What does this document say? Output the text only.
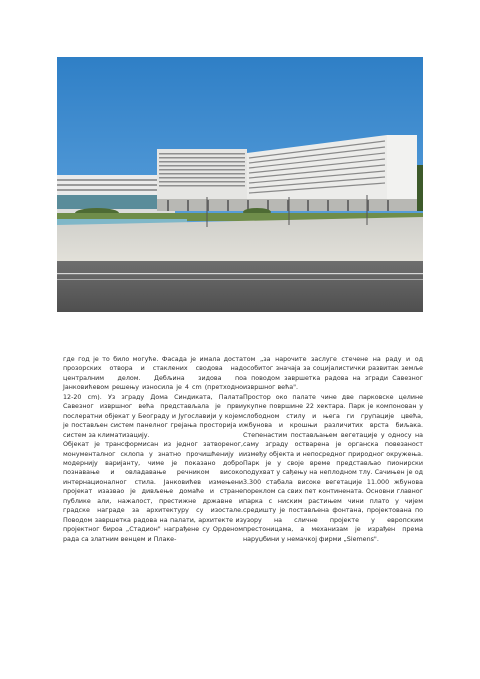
где год је то било могуће. Фасада је имала доста прозорских отвора и стаклених сводова над централним делом. Дебљина зидова по Јанковићевом решењу износила је 4 cm (претходно 12-20 cm). Уз зграду Дома Синдиката, Палата Савезног извршног већа представљала је први послератни објекат у Београду и Југославији у којем је постављен систем панелног грејања просторија и систем за климатизацију.

Објекат је трансформисан из једног затвореног, монументалног склопа у знатно прочишћенију и модернију варијанту, чиме је показано добро познавање и овладавање речником високо интернационалног стила. Јанковићев измењени пројекат изазвао је дивљење домаће и стране публике али, нажалост, престижне државне и градске награде за архитектуру су изостале. Поводом завршетка радова на палати, архитекте из пројектног бироа „Стадион" награђене су Орденом рада са златним венцем и Плаке-

том „за нарочите заслуге стечене на раду и од особитог значаја за социјалистички развитак земље а поводом завршетка радова на згради Савезног извршног већа".

Простор око палате чине две парковске целине укупне површине 22 хектара. Парк је компонован у слободном стилу и њега ги групације цвећа, жбунова и крошњи различитих врста биљака. Степенастим постављањем вегетације у односу на саму зграду остварена је органска повезаност између објекта и непосредног природног окружења. Парк је у своје време представљао пионирски подухват у сађењу на неплодном тлу. Сачињен је од 3.300 стабала високе вегетације 11.000 жбунова пореклом са свих пет континената. Основни главног парка с ниским растињем чини плато у чијем средишту је постављена фонтана, пројектована по узору на сличне пројекте у европским престоницама, а механизам је израђен према наруџбини у немачкој фирми „Siemens".
